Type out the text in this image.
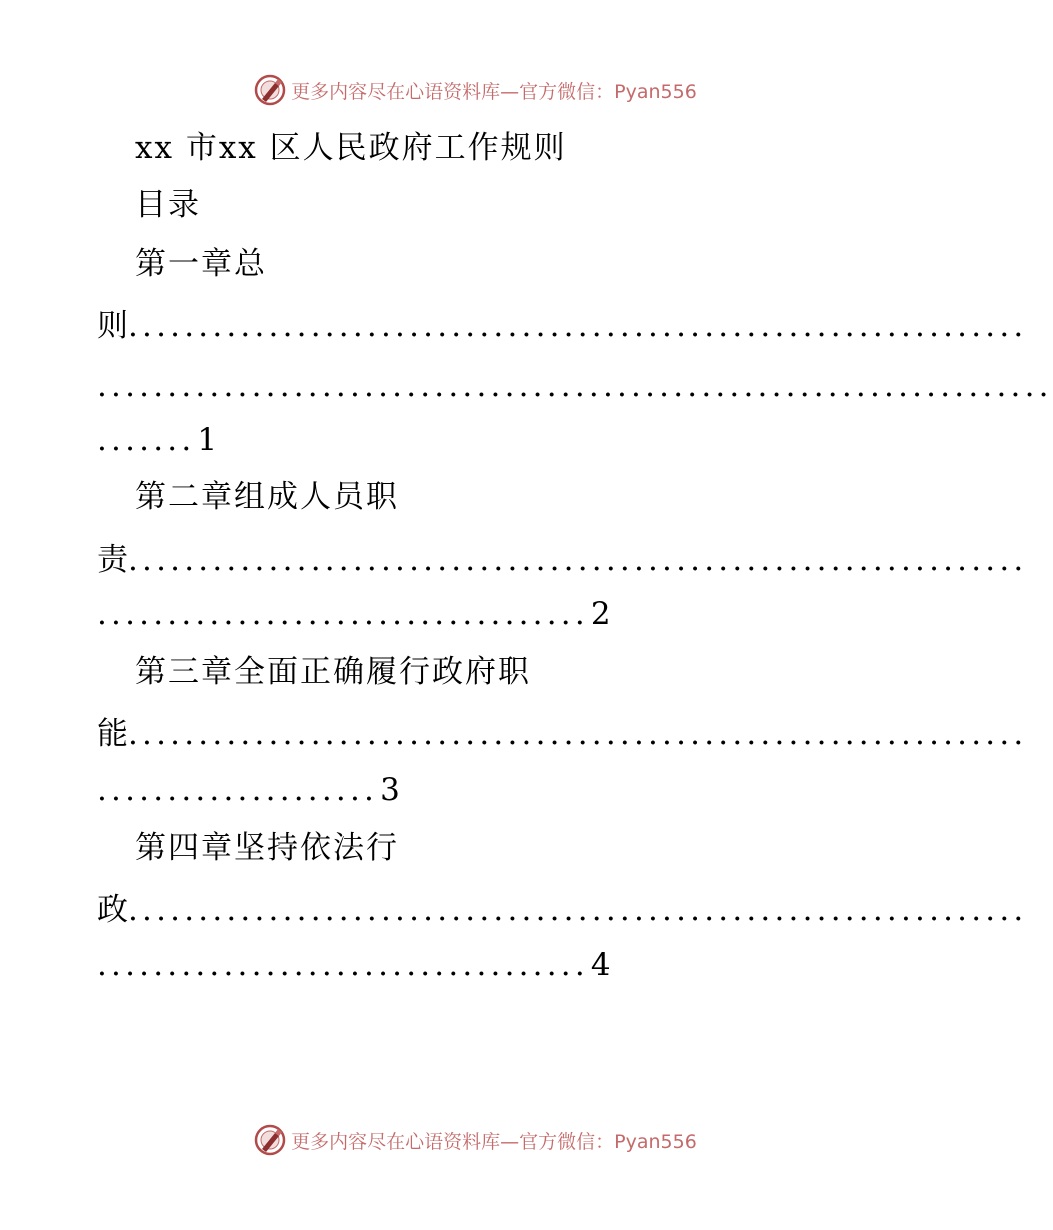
更多内容尽在心语资料库—官方微信：Pyan556
xx 市xx 区人民政府工作规则
目录
第一章总
则................................................................
....................................................................
.......1
第二章组成人员职
责................................................................
...................................2
第三章全面正确履行政府职
能................................................................
....................3
第四章坚持依法行
政................................................................
...................................4
更多内容尽在心语资料库—官方微信：Pyan556
